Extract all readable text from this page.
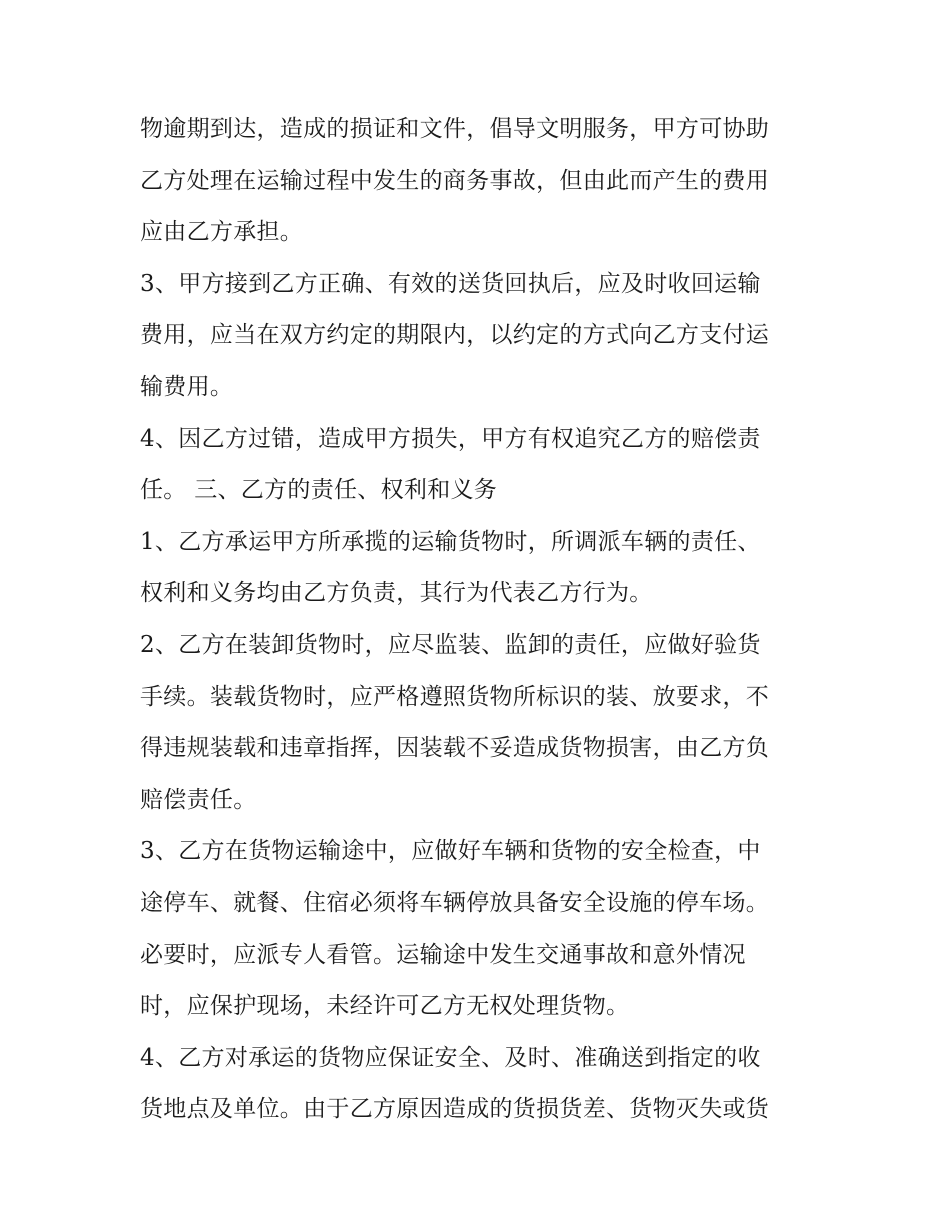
物逾期到达，造成的损证和文件，倡导文明服务，甲方可协助
乙方处理在运输过程中发生的商务事故，但由此而产生的费用
应由乙方承担。
3、甲方接到乙方正确、有效的送货回执后，应及时收回运输
费用，应当在双方约定的期限内，以约定的方式向乙方支付运
输费用。
4、因乙方过错，造成甲方损失，甲方有权追究乙方的赔偿责
任。 三、乙方的责任、权利和义务
1、乙方承运甲方所承揽的运输货物时，所调派车辆的责任、
权利和义务均由乙方负责，其行为代表乙方行为。
2、乙方在装卸货物时，应尽监装、监卸的责任，应做好验货
手续。装载货物时，应严格遵照货物所标识的装、放要求，不
得违规装载和违章指挥，因装载不妥造成货物损害，由乙方负
赔偿责任。
3、乙方在货物运输途中，应做好车辆和货物的安全检查，中
途停车、就餐、住宿必须将车辆停放具备安全设施的停车场。
必要时，应派专人看管。运输途中发生交通事故和意外情况
时，应保护现场，未经许可乙方无权处理货物。
4、乙方对承运的货物应保证安全、及时、准确送到指定的收
货地点及单位。由于乙方原因造成的货损货差、货物灭失或货
